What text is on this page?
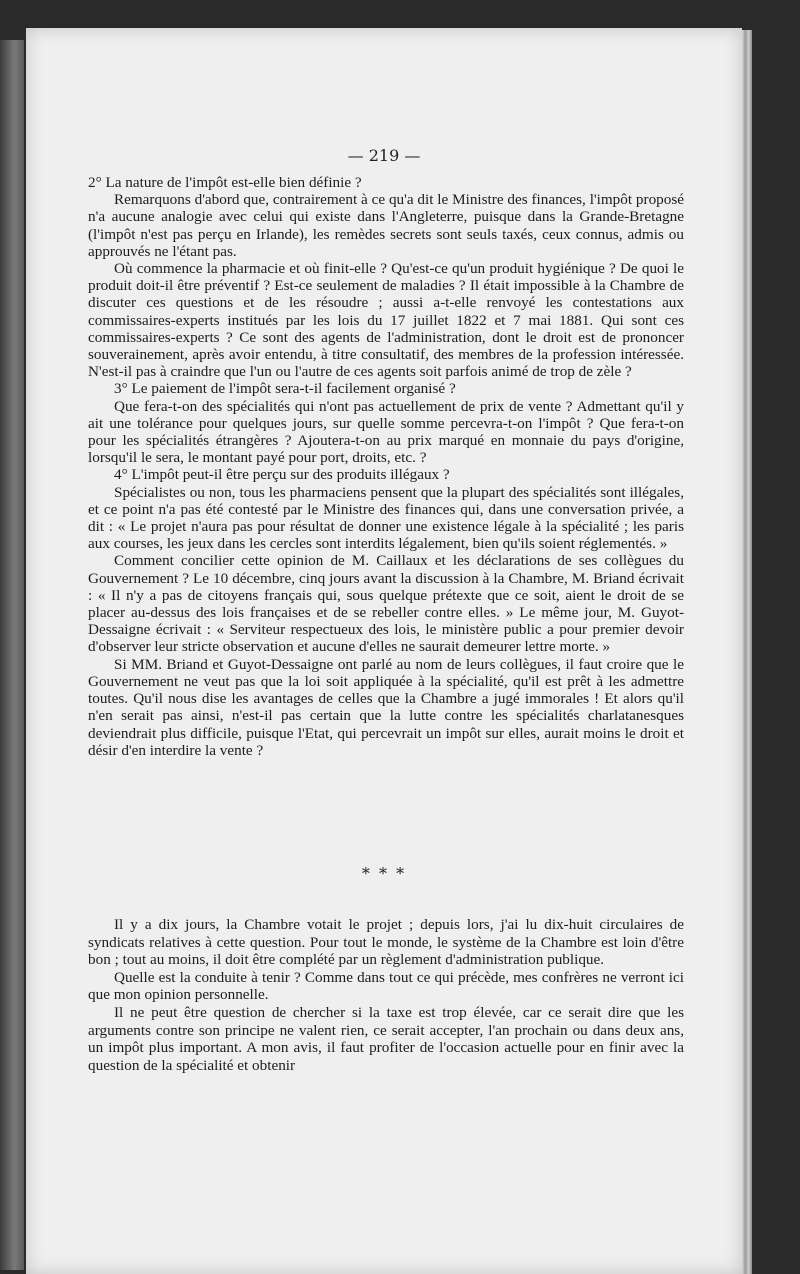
— 219 —

2° La nature de l'impôt est-elle bien définie ?

Remarquons d'abord que, contrairement à ce qu'a dit le Ministre des finances, l'impôt proposé n'a aucune analogie avec celui qui existe dans l'Angleterre, puisque dans la Grande-Bretagne (l'impôt n'est pas perçu en Irlande), les remèdes secrets sont seuls taxés, ceux connus, admis ou approuvés ne l'étant pas.

Où commence la pharmacie et où finit-elle ? Qu'est-ce qu'un produit hygiénique ? De quoi le produit doit-il être préventif ? Est-ce seulement de maladies ? Il était impossible à la Chambre de discuter ces questions et de les résoudre ; aussi a-t-elle renvoyé les contestations aux commissaires-experts institués par les lois du 17 juillet 1822 et 7 mai 1881. Qui sont ces commissaires-experts ? Ce sont des agents de l'administration, dont le droit est de prononcer souverainement, après avoir entendu, à titre consultatif, des membres de la profession intéressée. N'est-il pas à craindre que l'un ou l'autre de ces agents soit parfois animé de trop de zèle ?

3° Le paiement de l'impôt sera-t-il facilement organisé ?

Que fera-t-on des spécialités qui n'ont pas actuellement de prix de vente ? Admettant qu'il y ait une tolérance pour quelques jours, sur quelle somme percevra-t-on l'impôt ? Que fera-t-on pour les spécialités étrangères ? Ajoutera-t-on au prix marqué en monnaie du pays d'origine, lorsqu'il le sera, le montant payé pour port, droits, etc. ?

4° L'impôt peut-il être perçu sur des produits illégaux ?

Spécialistes ou non, tous les pharmaciens pensent que la plupart des spécialités sont illégales, et ce point n'a pas été contesté par le Ministre des finances qui, dans une conversation privée, a dit : « Le projet n'aura pas pour résultat de donner une existence légale à la spécialité ; les paris aux courses, les jeux dans les cercles sont interdits légalement, bien qu'ils soient réglementés. »

Comment concilier cette opinion de M. Caillaux et les déclarations de ses collègues du Gouvernement ? Le 10 décembre, cinq jours avant la discussion à la Chambre, M. Briand écrivait : « Il n'y a pas de citoyens français qui, sous quelque prétexte que ce soit, aient le droit de se placer au-dessus des lois françaises et de se rebeller contre elles. » Le même jour, M. Guyot-Dessaigne écrivait : « Serviteur respectueux des lois, le ministère public a pour premier devoir d'observer leur stricte observation et aucune d'elles ne saurait demeurer lettre morte. »

Si MM. Briand et Guyot-Dessaigne ont parlé au nom de leurs collègues, il faut croire que le Gouvernement ne veut pas que la loi soit appliquée à la spécialité, qu'il est prêt à les admettre toutes. Qu'il nous dise les avantages de celles que la Chambre a jugé immorales ! Et alors qu'il n'en serait pas ainsi, n'est-il pas certain que la lutte contre les spécialités charlatanesques deviendrait plus difficile, puisque l'Etat, qui percevrait un impôt sur elles, aurait moins le droit et désir d'en interdire la vente ?

* * *

Il y a dix jours, la Chambre votait le projet ; depuis lors, j'ai lu dix-huit circulaires de syndicats relatives à cette question. Pour tout le monde, le système de la Chambre est loin d'être bon ; tout au moins, il doit être complété par un règlement d'administration publique.

Quelle est la conduite à tenir ? Comme dans tout ce qui précède, mes confrères ne verront ici que mon opinion personnelle.

Il ne peut être question de chercher si la taxe est trop élevée, car ce serait dire que les arguments contre son principe ne valent rien, ce serait accepter, l'an prochain ou dans deux ans, un impôt plus important. A mon avis, il faut profiter de l'occasion actuelle pour en finir avec la question de la spécialité et obtenir
